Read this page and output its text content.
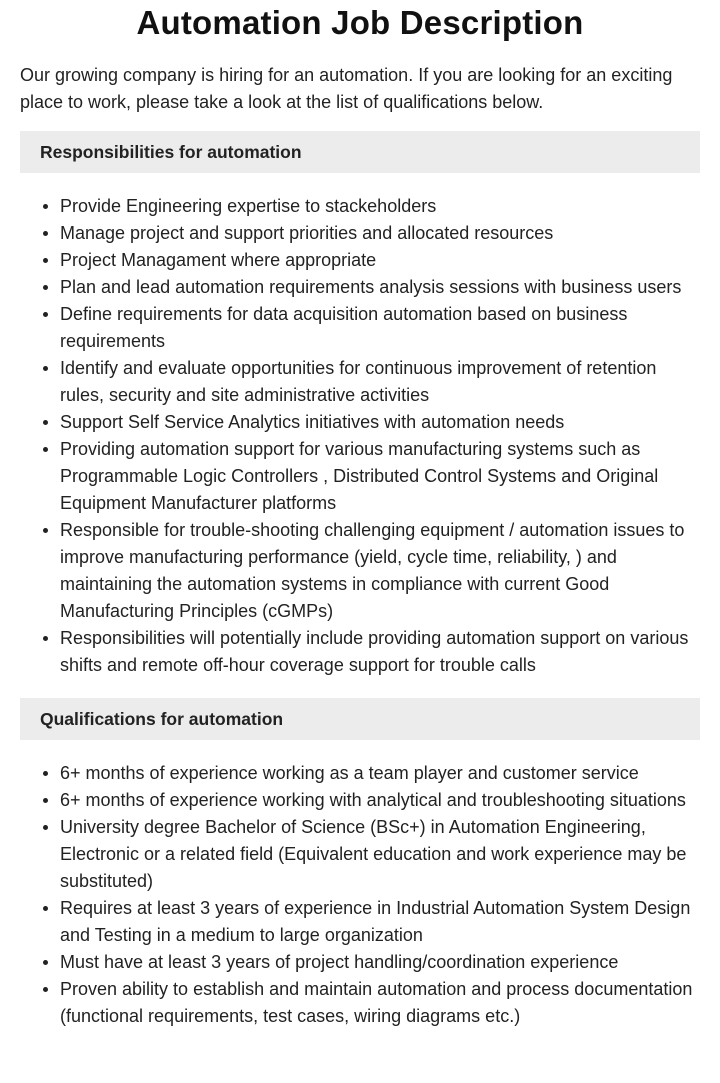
Automation Job Description

Our growing company is hiring for an automation. If you are looking for an exciting place to work, please take a look at the list of qualifications below.

Responsibilities for automation
Provide Engineering expertise to stackeholders
Manage project and support priorities and allocated resources
Project Managament where appropriate
Plan and lead automation requirements analysis sessions with business users
Define requirements for data acquisition automation based on business requirements
Identify and evaluate opportunities for continuous improvement of retention rules, security and site administrative activities
Support Self Service Analytics initiatives with automation needs
Providing automation support for various manufacturing systems such as Programmable Logic Controllers , Distributed Control Systems and Original Equipment Manufacturer platforms
Responsible for trouble-shooting challenging equipment / automation issues to improve manufacturing performance (yield, cycle time, reliability, ) and maintaining the automation systems in compliance with current Good Manufacturing Principles (cGMPs)
Responsibilities will potentially include providing automation support on various shifts and remote off-hour coverage support for trouble calls
Qualifications for automation
6+ months of experience working as a team player and customer service
6+ months of experience working with analytical and troubleshooting situations
University degree Bachelor of Science (BSc+) in Automation Engineering, Electronic or a related field (Equivalent education and work experience may be substituted)
Requires at least 3 years of experience in Industrial Automation System Design and Testing in a medium to large organization
Must have at least 3 years of project handling/coordination experience
Proven ability to establish and maintain automation and process documentation (functional requirements, test cases, wiring diagrams etc.)
